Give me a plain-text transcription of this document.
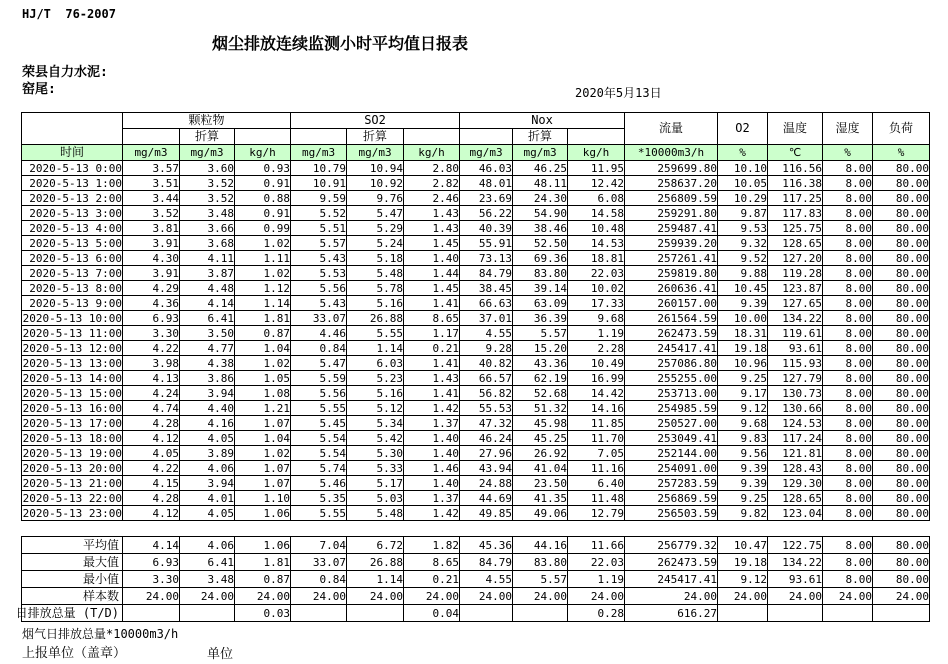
HJ/T  76-2007
烟尘排放连续监测小时平均值日报表
荣县自力水泥:
窑尾:	2020年5月13日
	颗粒物			SO2			Nox			流量	O2	温度	湿度	负荷
		折算			折算			折算						
时间	mg/m3	mg/m3	kg/h	mg/m3	mg/m3	kg/h	mg/m3	mg/m3	kg/h	*10000m3/h	%	℃	%	%
2020-5-13 0:00	3.57	3.60	0.93	10.79	10.94	2.80	46.03	46.25	11.95	259699.80	10.10	116.56	8.00	80.00
2020-5-13 1:00	3.51	3.52	0.91	10.91	10.92	2.82	48.01	48.11	12.42	258637.20	10.05	116.38	8.00	80.00
2020-5-13 2:00	3.44	3.52	0.88	9.59	9.76	2.46	23.69	24.30	6.08	256809.59	10.29	117.25	8.00	80.00
2020-5-13 3:00	3.52	3.48	0.91	5.52	5.47	1.43	56.22	54.90	14.58	259291.80	9.87	117.83	8.00	80.00
2020-5-13 4:00	3.81	3.66	0.99	5.51	5.29	1.43	40.39	38.46	10.48	259487.41	9.53	125.75	8.00	80.00
2020-5-13 5:00	3.91	3.68	1.02	5.57	5.24	1.45	55.91	52.50	14.53	259939.20	9.32	128.65	8.00	80.00
2020-5-13 6:00	4.30	4.11	1.11	5.43	5.18	1.40	73.13	69.36	18.81	257261.41	9.52	127.20	8.00	80.00
2020-5-13 7:00	3.91	3.87	1.02	5.53	5.48	1.44	84.79	83.80	22.03	259819.80	9.88	119.28	8.00	80.00
2020-5-13 8:00	4.29	4.48	1.12	5.56	5.78	1.45	38.45	39.14	10.02	260636.41	10.45	123.87	8.00	80.00
2020-5-13 9:00	4.36	4.14	1.14	5.43	5.16	1.41	66.63	63.09	17.33	260157.00	9.39	127.65	8.00	80.00
2020-5-13 10:00	6.93	6.41	1.81	33.07	26.88	8.65	37.01	36.39	9.68	261564.59	10.00	134.22	8.00	80.00
2020-5-13 11:00	3.30	3.50	0.87	4.46	5.55	1.17	4.55	5.57	1.19	262473.59	18.31	119.61	8.00	80.00
2020-5-13 12:00	4.22	4.77	1.04	0.84	1.14	0.21	9.28	15.20	2.28	245417.41	19.18	93.61	8.00	80.00
2020-5-13 13:00	3.98	4.38	1.02	5.47	6.03	1.41	40.82	43.36	10.49	257086.80	10.96	115.93	8.00	80.00
2020-5-13 14:00	4.13	3.86	1.05	5.59	5.23	1.43	66.57	62.19	16.99	255255.00	9.25	127.79	8.00	80.00
2020-5-13 15:00	4.24	3.94	1.08	5.56	5.16	1.41	56.82	52.68	14.42	253713.00	9.17	130.73	8.00	80.00
2020-5-13 16:00	4.74	4.40	1.21	5.55	5.12	1.42	55.53	51.32	14.16	254985.59	9.12	130.66	8.00	80.00
2020-5-13 17:00	4.28	4.16	1.07	5.45	5.34	1.37	47.32	45.98	11.85	250527.00	9.68	124.53	8.00	80.00
2020-5-13 18:00	4.12	4.05	1.04	5.54	5.42	1.40	46.24	45.25	11.70	253049.41	9.83	117.24	8.00	80.00
2020-5-13 19:00	4.05	3.89	1.02	5.54	5.30	1.40	27.96	26.92	7.05	252144.00	9.56	121.81	8.00	80.00
2020-5-13 20:00	4.22	4.06	1.07	5.74	5.33	1.46	43.94	41.04	11.16	254091.00	9.39	128.43	8.00	80.00
2020-5-13 21:00	4.15	3.94	1.07	5.46	5.17	1.40	24.88	23.50	6.40	257283.59	9.39	129.30	8.00	80.00
2020-5-13 22:00	4.28	4.01	1.10	5.35	5.03	1.37	44.69	41.35	11.48	256869.59	9.25	128.65	8.00	80.00
2020-5-13 23:00	4.12	4.05	1.06	5.55	5.48	1.42	49.85	49.06	12.79	256503.59	9.82	123.04	8.00	80.00

平均值	4.14	4.06	1.06	7.04	6.72	1.82	45.36	44.16	11.66	256779.32	10.47	122.75	8.00	80.00

最大值	6.93	6.41	1.81	33.07	26.88	8.65	84.79	83.80	22.03	262473.59	19.18	134.22	8.00	80.00

最小值	3.30	3.48	0.87	0.84	1.14	0.21	4.55	5.57	1.19	245417.41	9.12	93.61	8.00	80.00

样本数	24.00	24.00	24.00	24.00	24.00	24.00	24.00	24.00	24.00	24.00	24.00	24.00	24.00	24.00

日排放总量 (T/D)			0.03			0.04			0.28	616.27				
烟气日排放总量*10000m3/h
上报单位（盖章）	单位
